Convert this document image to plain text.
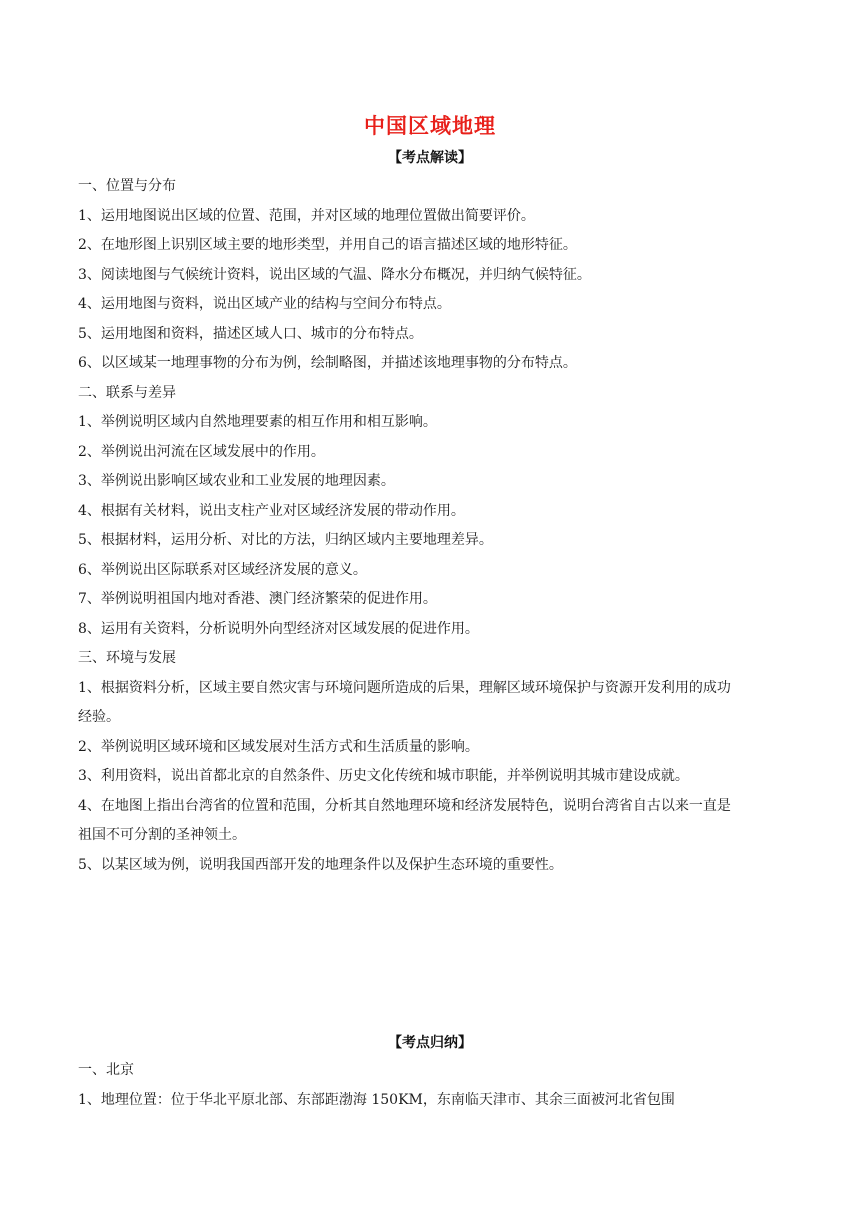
中国区域地理
【考点解读】
一、位置与分布
1、运用地图说出区域的位置、范围，并对区域的地理位置做出简要评价。
2、在地形图上识别区域主要的地形类型，并用自己的语言描述区域的地形特征。
3、阅读地图与气候统计资料，说出区域的气温、降水分布概况，并归纳气候特征。
4、运用地图与资料，说出区域产业的结构与空间分布特点。
5、运用地图和资料，描述区域人口、城市的分布特点。
6、以区域某一地理事物的分布为例，绘制略图，并描述该地理事物的分布特点。
二、联系与差异
1、举例说明区域内自然地理要素的相互作用和相互影响。
2、举例说出河流在区域发展中的作用。
3、举例说出影响区域农业和工业发展的地理因素。
4、根据有关材料，说出支柱产业对区域经济发展的带动作用。
5、根据材料，运用分析、对比的方法，归纳区域内主要地理差异。
6、举例说出区际联系对区域经济发展的意义。
7、举例说明祖国内地对香港、澳门经济繁荣的促进作用。
8、运用有关资料，分析说明外向型经济对区域发展的促进作用。
三、环境与发展
1、根据资料分析，区域主要自然灾害与环境问题所造成的后果，理解区域环境保护与资源开发利用的成功
经验。
2、举例说明区域环境和区域发展对生活方式和生活质量的影响。
3、利用资料，说出首都北京的自然条件、历史文化传统和城市职能，并举例说明其城市建设成就。
4、在地图上指出台湾省的位置和范围，分析其自然地理环境和经济发展特色，说明台湾省自古以来一直是
祖国不可分割的圣神领土。
5、以某区域为例，说明我国西部开发的地理条件以及保护生态环境的重要性。
【考点归纳】
一、北京
1、地理位置：位于华北平原北部、东部距渤海 150KM，东南临天津市、其余三面被河北省包围
